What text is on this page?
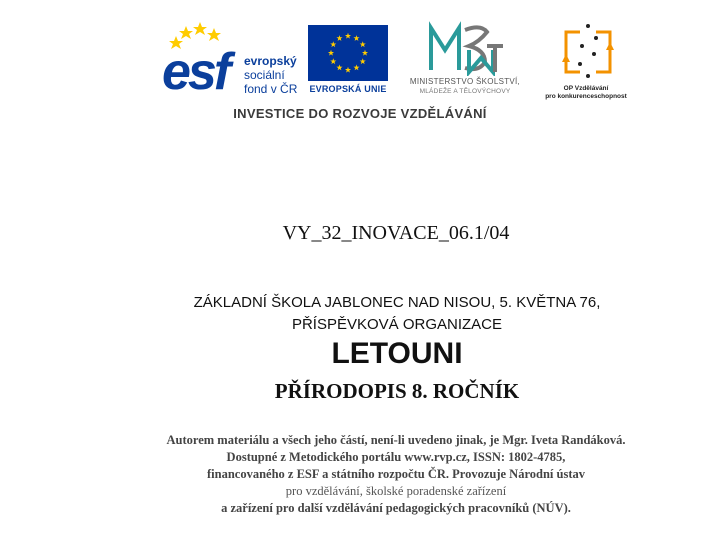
esf evropský
sociální
fond v ČR EVROPSKÁ UNIE
MINISTERSTVO ŠKOLSTVÍ,
MLÁDEŽE A TĚLOVÝCHOVY	OP Vzdělávání
pro konkurenceschopnost
INVESTICE DO ROZVOJE VZDĚLÁVÁNÍ
VY_32_INOVACE_06.1/04
ZÁKLADNÍ ŠKOLA JABLONEC NAD NISOU, 5. KVĚTNA 76,
PŘÍSPĚVKOVÁ ORGANIZACE
LETOUNI
PŘÍRODOPIS 8. ROČNÍK
Autorem materiálu a všech jeho částí, není-li uvedeno jinak, je Mgr. Iveta Randáková.
Dostupné z Metodického portálu www.rvp.cz, ISSN: 1802-4785,
financovaného z ESF a státního rozpočtu ČR. Provozuje Národní ústav
pro vzdělávání, školské poradenské zařízení
a zařízení pro další vzdělávání pedagogických pracovníků (NÚV).
